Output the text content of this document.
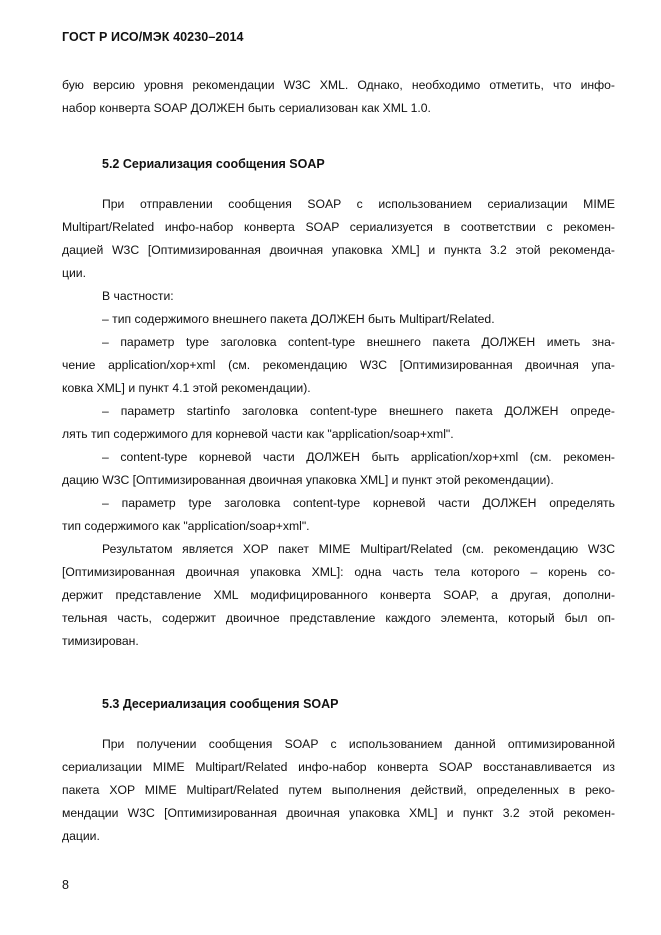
ГОСТ Р ИСО/МЭК 40230–2014
бую версию уровня рекомендации W3C XML. Однако, необходимо отметить, что инфо-
набор конверта SOAP ДОЛЖЕН быть сериализован как XML 1.0.
5.2 Сериализация сообщения SOAP
При отправлении сообщения SOAP с использованием сериализации MIME
Multipart/Related инфо-набор конверта SOAP сериализуется в соответствии с рекомен-
дацией W3C [Оптимизированная двоичная упаковка XML] и пункта 3.2 этой рекоменда-
ции.
В частности:
– тип содержимого внешнего пакета ДОЛЖЕН быть Multipart/Related.
– параметр type заголовка content-type внешнего пакета ДОЛЖЕН иметь зна-
чение application/xop+xml (см. рекомендацию W3C [Оптимизированная двоичная упа-
ковка XML] и пункт 4.1 этой рекомендации).
– параметр startinfo заголовка content-type внешнего пакета ДОЛЖЕН опреде-
лять тип содержимого для корневой части как "application/soap+xml".
– content-type корневой части ДОЛЖЕН быть application/xop+xml (см. рекомен-
дацию W3C [Оптимизированная двоичная упаковка XML] и пункт этой рекомендации).
– параметр type заголовка content-type корневой части ДОЛЖЕН определять
тип содержимого как "application/soap+xml".
Результатом является XOP пакет MIME Multipart/Related (см. рекомендацию W3C
[Оптимизированная двоичная упаковка XML]: одна часть тела которого – корень со-
держит представление XML модифицированного конверта SOAP, а другая, дополни-
тельная часть, содержит двоичное представление каждого элемента, который был оп-
тимизирован.
5.3 Десериализация сообщения SOAP
При получении сообщения SOAP с использованием данной оптимизированной
сериализации MIME Multipart/Related инфо-набор конверта SOAP восстанавливается из
пакета XOP MIME Multipart/Related путем выполнения действий, определенных в реко-
мендации W3C [Оптимизированная двоичная упаковка XML] и пункт 3.2 этой рекомен-
дации.
8
